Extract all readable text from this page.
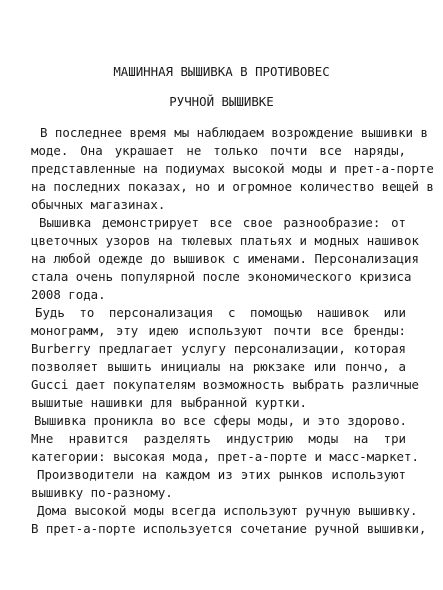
МАШИННАЯ ВЫШИВКА В ПРОТИВОВЕС
РУЧНОЙ ВЫШИВКЕ
В последнее время мы наблюдаем возрождение вышивки в
моде. Она украшает не только почти все наряды,
представленные на подиумах высокой моды и прет-а-порте
на последних показах, но и огромное количество вещей в
обычных магазинах.
Вышивка демонстрирует все свое разнообразие: от
цветочных узоров на тюлевых платьях и модных нашивок
на любой одежде до вышивок с именами. Персонализация
стала очень популярной после экономического кризиса
2008 года.
Будь то персонализация с помощью нашивок или
монограмм, эту идею используют почти все бренды:
Burberry предлагает услугу персонализации, которая
позволяет вышить инициалы на рюкзаке или пончо, а
Gucci дает покупателям возможность выбрать различные
вышитые нашивки для выбранной куртки.
Вышивка проникла во все сферы моды, и это здорово.
Мне нравится разделять индустрию моды на три
категории: высокая мода, прет-а-порте и масс-маркет.
Производители на каждом из этих рынков используют
вышивку по-разному.
Дома высокой моды всегда используют ручную вышивку.
В прет-а-порте используется сочетание ручной вышивки,
